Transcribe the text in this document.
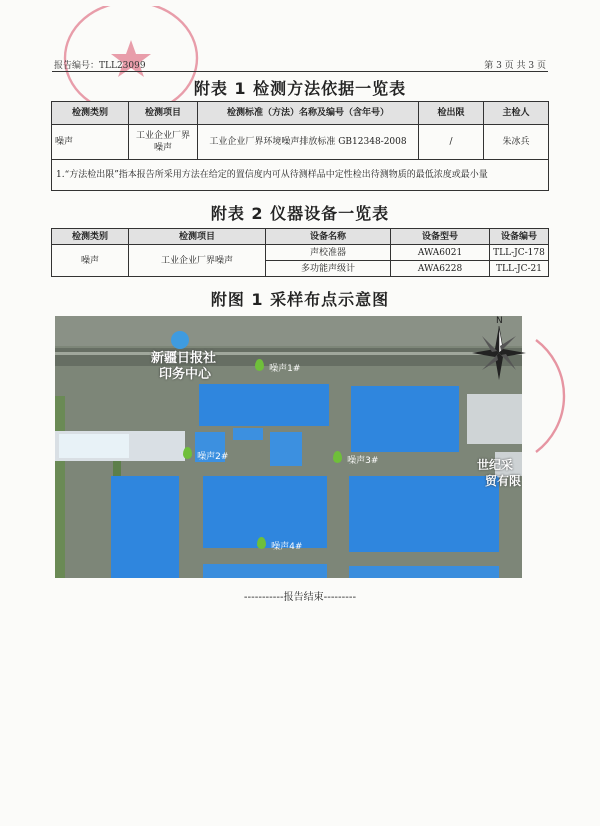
报告编号：TLL23099	第 3 页 共 3 页
附表 1 检测方法依据一览表
检测类别	检测项目	检测标准（方法）名称及编号（含年号）	检出限	主检人
噪声	工业企业厂界噪声	工业企业厂界环境噪声排放标准 GB12348-2008	/	朱冰兵
1.“方法检出限”指本报告所采用方法在给定的置信度内可从待测样品中定性检出待测物质的最低浓度或最小量				
附表 2 仪器设备一览表
检测类别	检测项目	设备名称	设备型号	设备编号
噪声	工业企业厂界噪声	声校准器	AWA6021	TLL-JC-178
		多功能声级计	AWA6228	TLL-JC-21
附图 1 采样布点示意图
新疆日报社
印务中心
世纪采
贸有限
噪声1#
噪声2#	噪声3#
噪声4#
N
-----------报告结束---------
